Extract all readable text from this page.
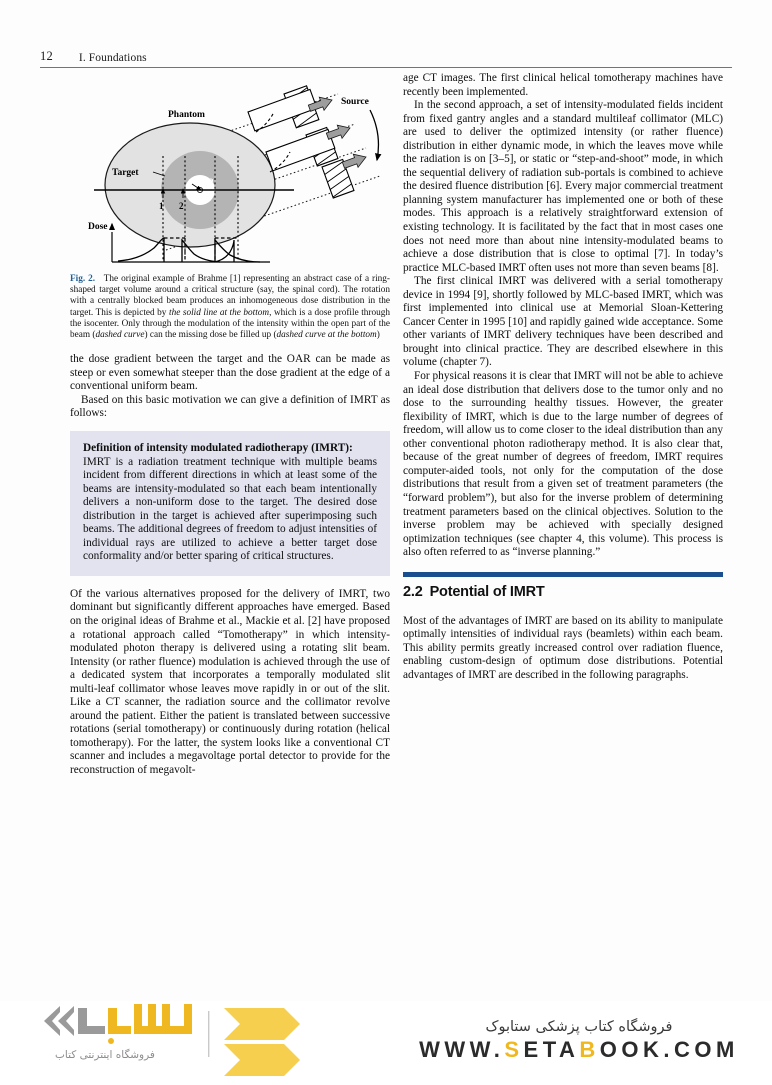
12 I. Foundations
Phantom
Target
OAR
1 2
Source
Dose
Fig. 2.   The original example of Brahme [1] representing an abstract case of a ring-shaped target volume around a critical structure (say, the spinal cord). The rotation with a centrally blocked beam produces an inhomogeneous dose distribution in the target. This is depicted by the solid line at the bottom, which is a dose profile through the isocenter. Only through the modulation of the intensity within the open part of the beam (dashed curve) can the missing dose be filled up (dashed curve at the bottom)

the dose gradient between the target and the OAR can be made as steep or even somewhat steeper than the dose gradient at the edge of a conventional uniform beam.

Based on this basic motivation we can give a definition of IMRT as follows:

Definition of intensity modulated radiotherapy (IMRT):

IMRT is a radiation treatment technique with multiple beams incident from different directions in which at least some of the beams are intensity-modulated so that each beam intentionally delivers a non-uniform dose to the target. The desired dose distribution in the target is achieved after superimposing such beams. The additional degrees of freedom to adjust intensities of individual rays are utilized to achieve a better target dose conformality and/or better sparing of critical structures.

Of the various alternatives proposed for the delivery of IMRT, two dominant but significantly different approaches have emerged. Based on the original ideas of Brahme et al., Mackie et al. [2] have proposed a rotational approach called “Tomotherapy” in which intensity-modulated photon therapy is delivered using a rotating slit beam. Intensity (or rather fluence) modulation is achieved through the use of a dedicated system that incorporates a temporally modulated slit multi-leaf collimator whose leaves move rapidly in or out of the slit. Like a CT scanner, the radiation source and the collimator revolve around the patient. Either the patient is translated between successive rotations (serial tomotherapy) or continuously during rotation (helical tomotherapy). For the latter, the system looks like a conventional CT scanner and includes a megavoltage portal detector to provide for the reconstruction of megavolt-

age CT images. The first clinical helical tomotherapy machines have recently been implemented.

In the second approach, a set of intensity-modulated fields incident from fixed gantry angles and a standard multileaf collimator (MLC) are used to deliver the optimized intensity (or rather fluence) distribution in either dynamic mode, in which the leaves move while the radiation is on [3–5], or static or “step-and-shoot” mode, in which the sequential delivery of radiation sub-portals is combined to achieve the desired fluence distribution [6]. Every major commercial treatment planning system manufacturer has implemented one or both of these modes. This approach is a relatively straightforward extension of existing technology. It is facilitated by the fact that in most cases one does not need more than about nine intensity-modulated beams to achieve a dose distribution that is close to optimal [7]. In today’s practice MLC-based IMRT often uses not more than seven beams [8].

The first clinical IMRT was delivered with a serial tomotherapy device in 1994 [9], shortly followed by MLC-based IMRT, which was first implemented into clinical use at Memorial Sloan-Kettering Cancer Center in 1995 [10] and rapidly gained wide acceptance. Some other variants of IMRT delivery techniques have been described and brought into clinical practice. They are described elsewhere in this volume (chapter 7).

For physical reasons it is clear that IMRT will not be able to achieve an ideal dose distribution that delivers dose to the tumor only and no dose to the surrounding healthy tissues. However, the greater flexibility of IMRT, which is due to the large number of degrees of freedom, will allow us to come closer to the ideal distribution than any other conventional photon radiotherapy method. It is also clear that, because of the great number of degrees of freedom, IMRT requires computer-aided tools, not only for the computation of the dose distributions that result from a given set of treatment parameters (the “forward problem”), but also for the inverse problem of determining treatment parameters based on the clinical objectives. Solution to the inverse problem may be achieved with specially designed optimization techniques (see chapter 4, this volume). This process is also often referred to as “inverse planning.”

2.2 Potential of IMRT

Most of the advantages of IMRT are based on its ability to manipulate optimally intensities of individual rays (beamlets) within each beam. This ability permits greatly increased control over radiation fluence, enabling custom-design of optimum dose distributions. Potential advantages of IMRT are described in the following paragraphs.

فروشگاه اینترنتی کتاب
فروشگاه کتاب پزشکی ستابوک
WWW.SETABOOK.COM
